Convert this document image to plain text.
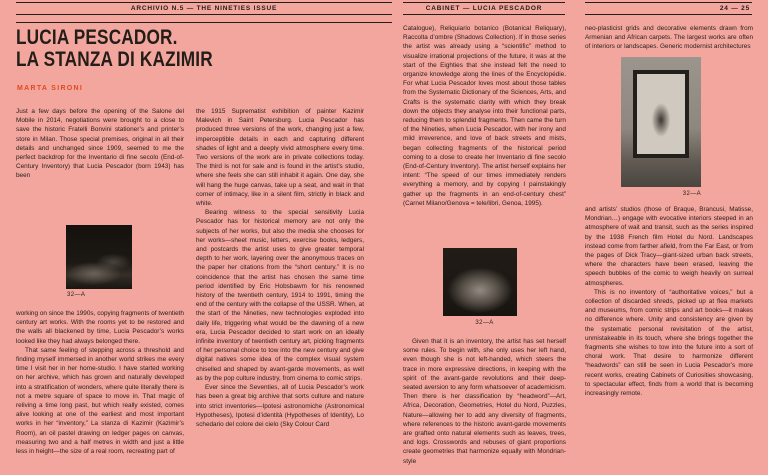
ARCHIVIO N.5 — THE NINETIES ISSUE	CABINET — LUCIA PESCADOR	24 — 25
LUCIA PESCADOR.
LA STANZA DI KAZIMIR
MARTA SIRONI

Just a few days before the opening of the Salone del Mobile in 2014, negotiations were brought to a close to save the historic Fratelli Bonvini stationer’s and printer’s store in Milan. Those special premises, original in all their details and unchanged since 1909, seemed to me the perfect backdrop for the Inventario di fine secolo (End-of-Century Inventory) that Lucia Pescador (born 1943) has been

32—A

working on since the 1990s, copying fragments of twentieth century art works. With the rooms yet to be restored and the walls all blackened by time, Lucia Pescador’s works looked like they had always belonged there.

That same feeling of stepping across a threshold and finding myself immersed in another world strikes me every time I visit her in her home-studio. I have started working on her archive, which has grown and naturally developed into a stratification of wonders, where quite literally there is not a metre square of space to move in. That magic of reliving a time long past, but which really existed, comes alive looking at one of the earliest and most important works in her “inventory,” La stanza di Kazimir (Kazimir’s Room), an oil pastel drawing on ledger pages on canvas, measuring two and a half metres in width and just a little less in height—the size of a real room, recreating part of

the 1915 Suprematist exhibition of painter Kazimir Malevich in Saint Petersburg. Lucia Pescador has produced three versions of the work, changing just a few, imperceptible details in each and capturing different shades of light and a deeply vivid atmosphere every time. Two versions of the work are in private collections today. The third is not for sale and is found in the artist’s studio, where she feels she can still inhabit it again. One day, she will hang the huge canvas, take up a seat, and wait in that corner of intimacy, like in a silent film, strictly in black and white.

Bearing witness to the special sensitivity Lucia Pescador has for historical memory are not only the subjects of her works, but also the media she chooses for her works—sheet music, letters, exercise books, ledgers, and postcards the artist uses to give greater temporal depth to her work, layering over the anonymous traces on the paper her citations from the “short century.” It is no coincidence that the artist has chosen the same time period identified by Eric Hobsbawm for his renowned history of the twentieth century, 1914 to 1991, timing the end of the century with the collapse of the USSR. When, at the start of the Nineties, new technologies exploded into daily life, triggering what would be the dawning of a new era, Lucia Pescador decided to start work on an ideally infinite inventory of twentieth century art, picking fragments of her personal choice to tow into the new century and give digital natives some idea of the complex visual system chiselled and shaped by avant-garde movements, as well as by the pop culture industry, from cinema to comic strips.

Ever since the Seventies, all of Lucia Pescador’s work has been a great big archive that sorts culture and nature into strict inventories—Ipotesi astronomiche (Astronomical Hypotheses), Ipotesi d’identità (Hypotheses of Identity), Lo schedario del colore dei cielo (Sky Colour Card

Catalogue), Reliquiario botanico (Botanical Reliquary), Raccolta d’ombre (Shadows Collection). If in those series the artist was already using a “scientific” method to visualize irrational projections of the future, it was at the start of the Eighties that she instead felt the need to organize knowledge along the lines of the Encyclopédie. For what Lucia Pescador loves most about those tables from the Systematic Dictionary of the Sciences, Arts, and Crafts is the systematic clarity with which they break down the objects they analyse into their functional parts, reducing them to splendid fragments. Then came the turn of the Nineties, when Lucia Pescador, with her irony and mild irreverence, and love of back streets and mists, began collecting fragments of the historical period coming to a close to create her Inventario di fine secolo (End-of-Century Inventory). The artist herself explains her intent: “The speed of our times immediately renders everything a memory, and by copying I painstakingly gather up the fragments in an end-of-century chest” (Carnet Milano/Genova = tele/libri, Genoa, 1995).

32—A

Given that it is an inventory, the artist has set herself some rules. To begin with, she only uses her left hand, even though she is not left-handed, which steers the trace in more expressive directions, in keeping with the spirit of the avant-garde revolutions and their deep-seated aversion to any form whatsoever of academicism. Then there is her classification by “headword”—Art, Africa, Decoration, Geometries, Hotel du Nord, Puzzles, Nature—allowing her to add any diversity of fragments, where references to the historic avant-garde movements are grafted onto natural elements such as leaves, trees, and logs. Crosswords and rebuses of giant proportions create geometries that harmonize equally with Mondrian-style

neo-plasticist grids and decorative elements drawn from Armenian and African carpets. The largest works are often of interiors or landscapes. Generic modernist architectures

32—A

and artists’ studios (those of Braque, Brancusi, Matisse, Mondrian…) engage with evocative interiors steeped in an atmosphere of wait and transit, such as the series inspired by the 1938 French film Hotel du Nord. Landscapes instead come from farther afield, from the Far East, or from the pages of Dick Tracy—giant-sized urban back streets, where the characters have been erased, leaving the speech bubbles of the comic to weigh heavily on surreal atmospheres.

This is no inventory of “authoritative voices,” but a collection of discarded shreds, picked up at flea markets and museums, from comic strips and art books—it makes no difference where. Unity and consistency are given by the systematic personal revisitation of the artist, unmistakeable in its touch, where she brings together the fragments she wishes to tow into the future into a sort of choral work. That desire to harmonize different “headwords” can still be seen in Lucia Pescador’s more recent works, creating Cabinets of Curiosities showcasing, to spectacular effect, finds from a world that is becoming increasingly remote.
